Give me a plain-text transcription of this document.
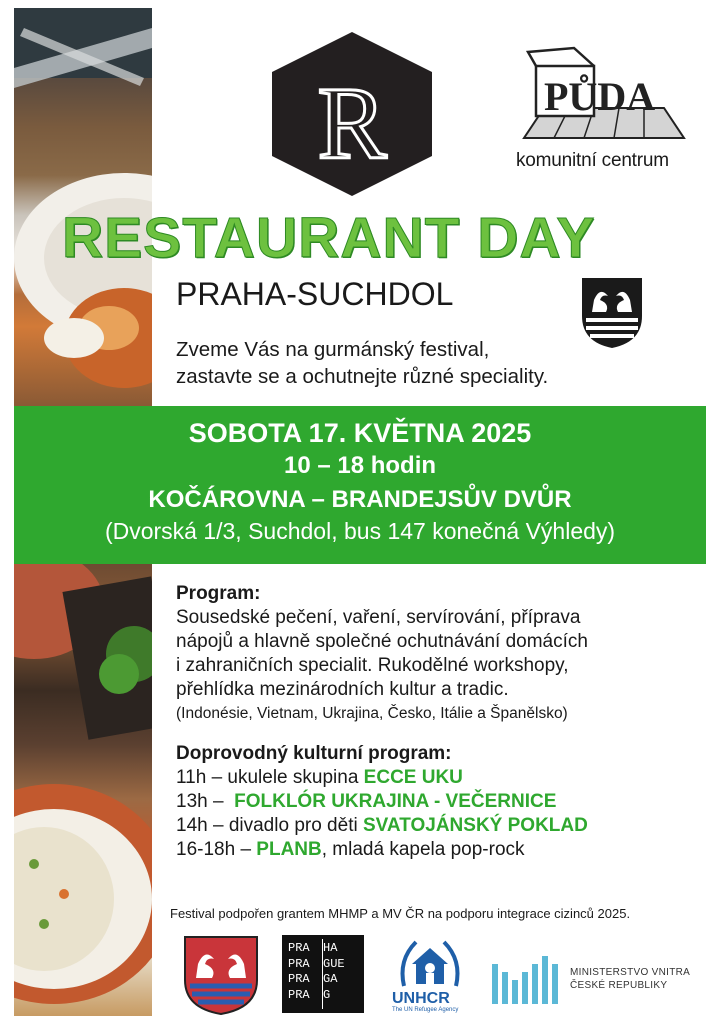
R	PŮDA
komunitní centrum
RESTAURANT DAY
PRAHA-SUCHDOL
Zveme Vás na gurmánský festival,
zastavte se a ochutnejte různé speciality.
SOBOTA 17. KVĚTNA 2025
10 – 18 hodin
KOČÁROVNA – BRANDEJSŮV DVŮR
(Dvorská 1/3, Suchdol, bus 147 konečná Výhledy)
Program:
Sousedské pečení, vaření, servírování, příprava
nápojů a hlavně společné ochutnávání domácích
i zahraničních specialit. Rukodělné workshopy,
přehlídka mezinárodních kultur a tradic.
(Indonésie, Vietnam, Ukrajina, Česko, Itálie a Španělsko)
Doprovodný kulturní program:
11h – ukulele skupina ECCE UKU
13h –  FOLKLÓR UKRAJINA - VEČERNICE
14h – divadlo pro děti SVATOJÁNSKÝ POKLAD
16-18h – PLANB, mladá kapela pop-rock
Festival podpořen grantem MHMP a MV ČR na podporu integrace cizinců 2025.
PRA	HA
PRA	GUE
PRA	GA
PRA	G	UNHCR
The UN Refugee Agency
MINISTERSTVO VNITRA
ČESKÉ REPUBLIKY
